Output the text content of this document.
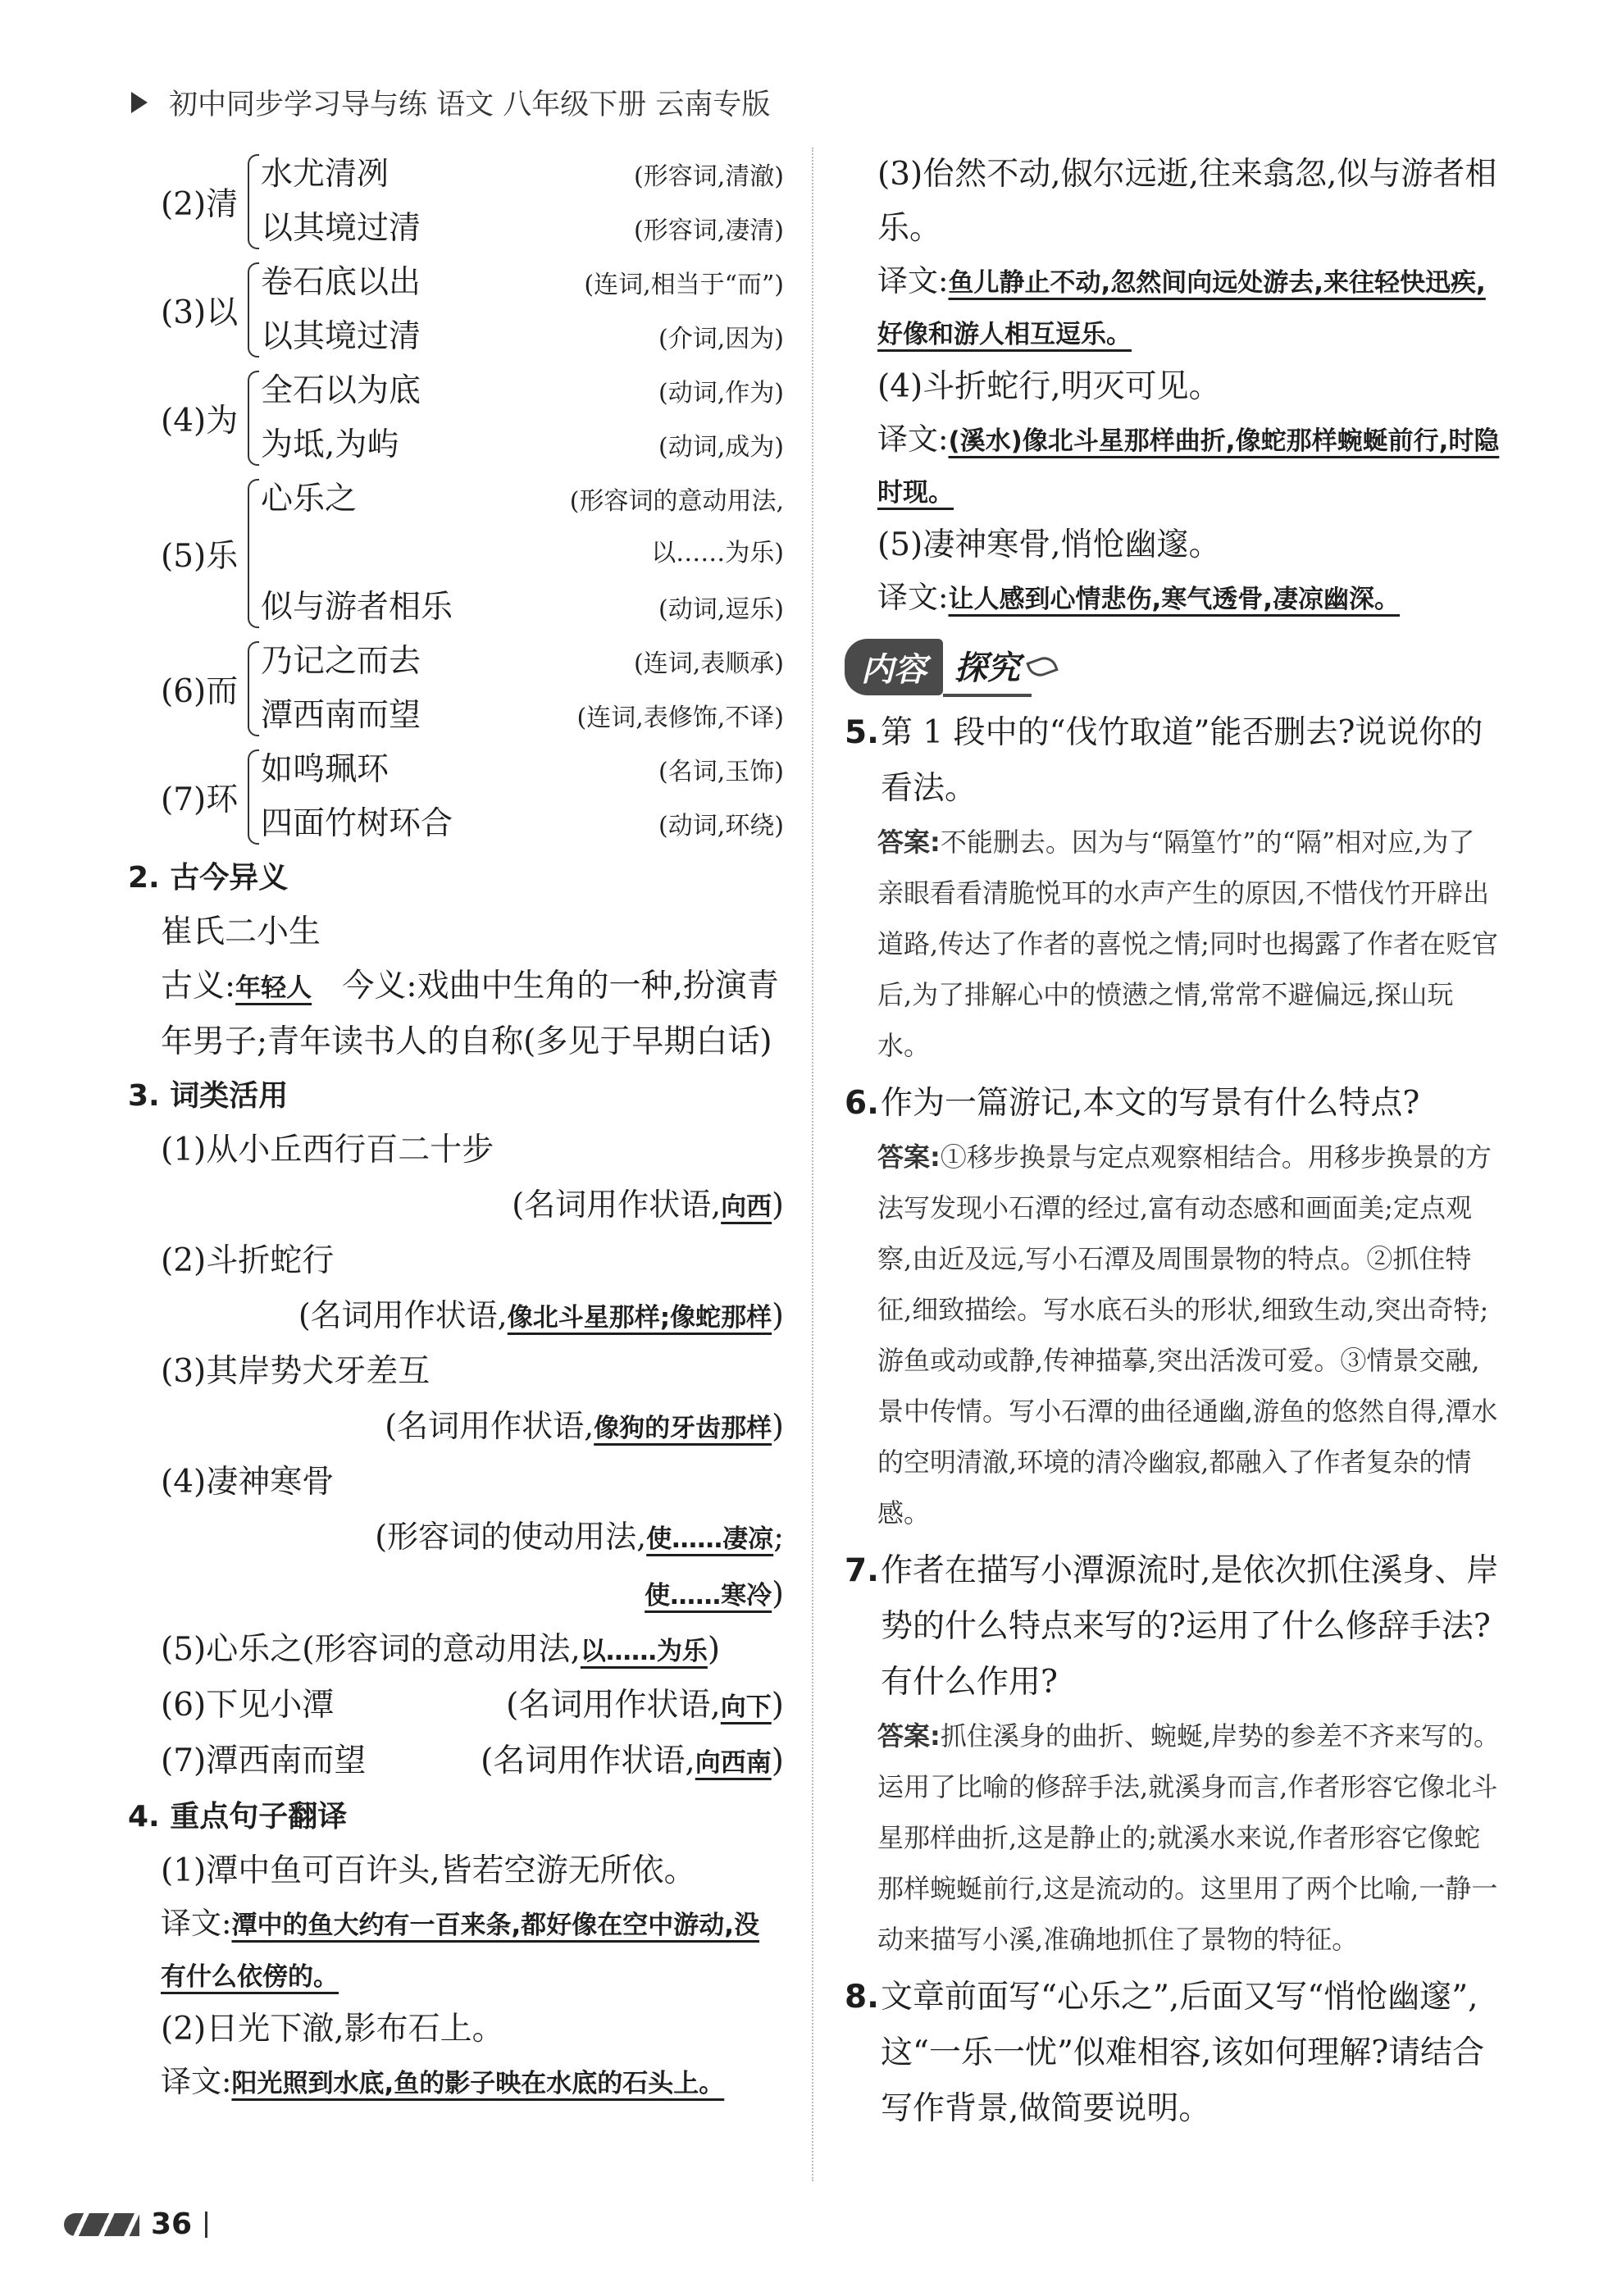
初中同步学习导与练 语文 八年级下册 云南专版
(2)清
水尤清冽	(形容词,清澈)
以其境过清	(形容词,凄清)
(3)以
卷石底以出	(连词,相当于“而”)
以其境过清	(介词,因为)
(4)为
全石以为底	(动词,作为)
为坻,为屿	(动词,成为)
(5)乐
心乐之	(形容词的意动用法,
以……为乐)
似与游者相乐	(动词,逗乐)
(6)而
乃记之而去	(连词,表顺承)
潭西南而望	(连词,表修饰,不译)
(7)环
如鸣珮环	(名词,玉饰)
四面竹树环合	(动词,环绕)
2. 古今异义
崔氏二小生
古义:年轻人 今义:戏曲中生角的一种,扮演青年男子;青年读书人的自称(多见于早期白话)
3. 词类活用
(1)从小丘西行百二十步
(名词用作状语,向西)
(2)斗折蛇行
(名词用作状语,像北斗星那样;像蛇那样)
(3)其岸势犬牙差互
(名词用作状语,像狗的牙齿那样)
(4)凄神寒骨
(形容词的使动用法,使……凄凉;
使……寒冷)
(5)心乐之(形容词的意动用法,以……为乐)
(6)下见小潭	(名词用作状语,向下)
(7)潭西南而望	(名词用作状语,向西南)
4. 重点句子翻译
(1)潭中鱼可百许头,皆若空游无所依。
译文:潭中的鱼大约有一百来条,都好像在空中游动,没有什么依傍的。
(2)日光下澈,影布石上。
译文:阳光照到水底,鱼的影子映在水底的石头上。
(3)佁然不动,俶尔远逝,往来翕忽,似与游者相乐。
译文:鱼儿静止不动,忽然间向远处游去,来往轻快迅疾,好像和游人相互逗乐。
(4)斗折蛇行,明灭可见。
译文:(溪水)像北斗星那样曲折,像蛇那样蜿蜒前行,时隐时现。
(5)凄神寒骨,悄怆幽邃。
译文:让人感到心情悲伤,寒气透骨,凄凉幽深。
内容 探究
5. 第 1 段中的“伐竹取道”能否删去?说说你的看法。
答案:不能删去。因为与“隔篁竹”的“隔”相对应,为了亲眼看看清脆悦耳的水声产生的原因,不惜伐竹开辟出道路,传达了作者的喜悦之情;同时也揭露了作者在贬官后,为了排解心中的愤懑之情,常常不避偏远,探山玩水。
6. 作为一篇游记,本文的写景有什么特点?
答案:①移步换景与定点观察相结合。用移步换景的方法写发现小石潭的经过,富有动态感和画面美;定点观察,由近及远,写小石潭及周围景物的特点。②抓住特征,细致描绘。写水底石头的形状,细致生动,突出奇特;游鱼或动或静,传神描摹,突出活泼可爱。③情景交融,景中传情。写小石潭的曲径通幽,游鱼的悠然自得,潭水的空明清澈,环境的清冷幽寂,都融入了作者复杂的情感。
7. 作者在描写小潭源流时,是依次抓住溪身、岸势的什么特点来写的?运用了什么修辞手法?有什么作用?
答案:抓住溪身的曲折、蜿蜒,岸势的参差不齐来写的。运用了比喻的修辞手法,就溪身而言,作者形容它像北斗星那样曲折,这是静止的;就溪水来说,作者形容它像蛇那样蜿蜒前行,这是流动的。这里用了两个比喻,一静一动来描写小溪,准确地抓住了景物的特征。
8. 文章前面写“心乐之”,后面又写“悄怆幽邃”,这“一乐一忧”似难相容,该如何理解?请结合写作背景,做简要说明。
36
